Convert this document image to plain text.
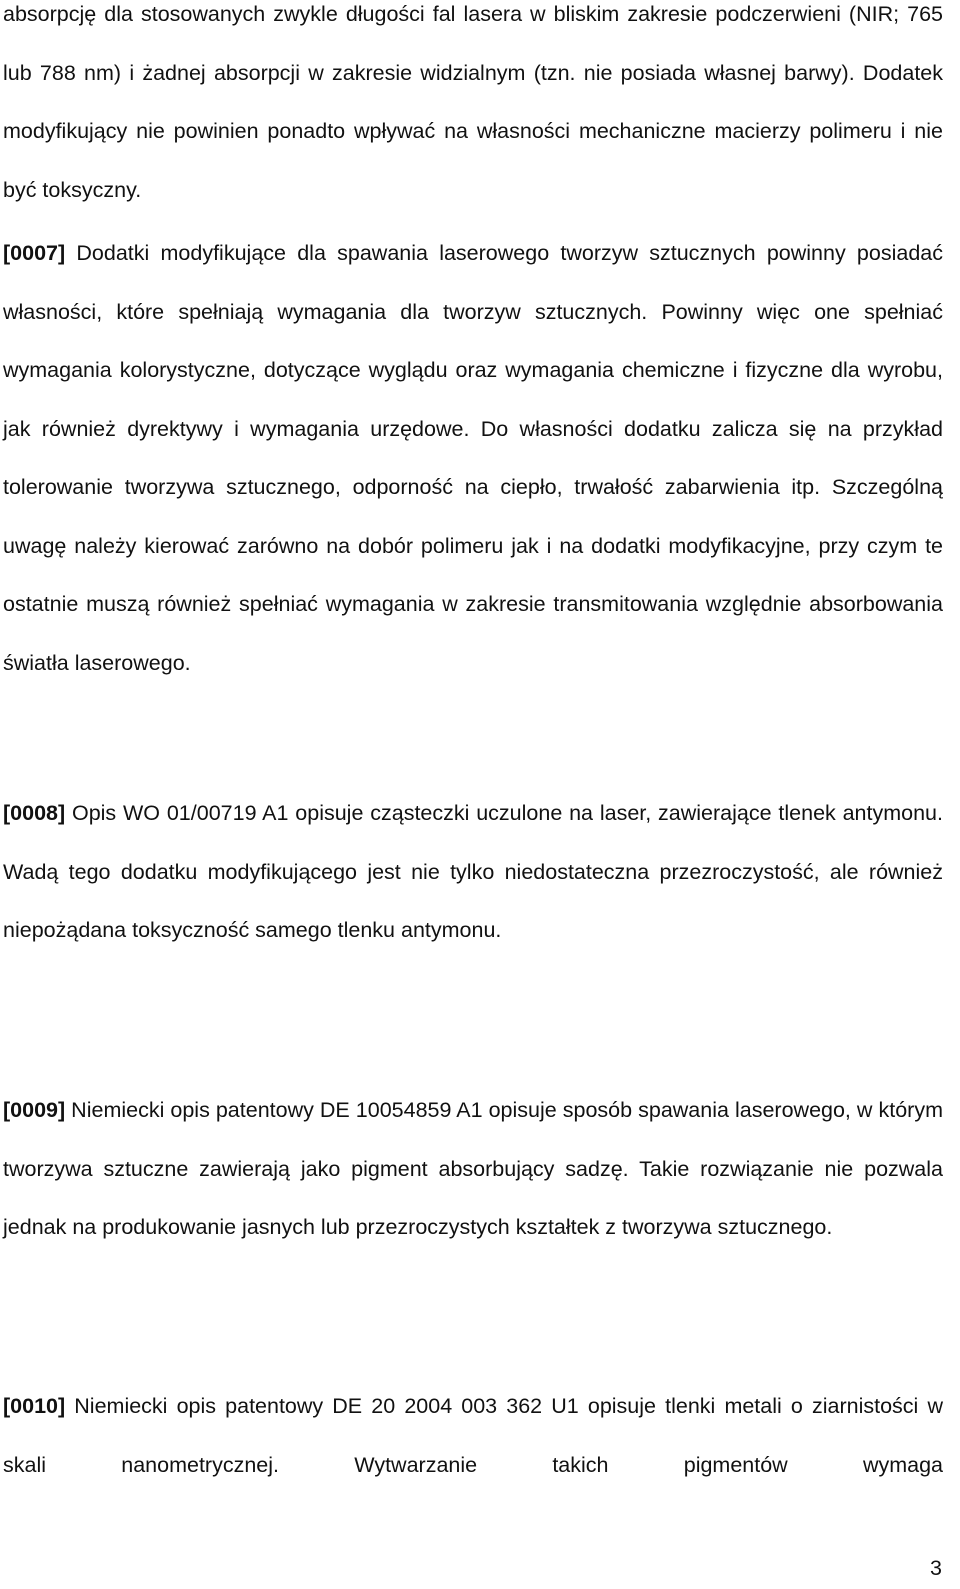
absorpcję dla stosowanych zwykle długości fal lasera w bliskim zakresie podczerwieni (NIR; 765 lub 788 nm) i żadnej absorpcji w zakresie widzialnym (tzn. nie posiada własnej barwy). Dodatek modyfikujący nie powinien ponadto wpływać na własności mechaniczne macierzy polimeru i nie być toksyczny.

[0007] Dodatki modyfikujące dla spawania laserowego tworzyw sztucznych powinny posiadać własności, które spełniają wymagania dla tworzyw sztucznych. Powinny więc one spełniać wymagania kolorystyczne, dotyczące wyglądu oraz wymagania chemiczne i fizyczne dla wyrobu, jak również dyrektywy i wymagania urzędowe. Do własności dodatku zalicza się na przykład tolerowanie tworzywa sztucznego, odporność na ciepło, trwałość zabarwienia itp. Szczególną uwagę należy kierować zarówno na dobór polimeru jak i na dodatki modyfikacyjne, przy czym te ostatnie muszą również spełniać wymagania w zakresie transmitowania względnie absorbowania światła laserowego.

[0008] Opis WO 01/00719 A1 opisuje cząsteczki uczulone na laser, zawierające tlenek antymonu. Wadą tego dodatku modyfikującego jest nie tylko niedostateczna przezroczystość, ale również niepożądana toksyczność samego tlenku antymonu.

[0009] Niemiecki opis patentowy DE 10054859 A1 opisuje sposób spawania laserowego, w którym tworzywa sztuczne zawierają jako pigment absorbujący sadzę. Takie rozwiązanie nie pozwala jednak na produkowanie jasnych lub przezroczystych kształtek z tworzywa sztucznego.

[0010] Niemiecki opis patentowy DE 20 2004 003 362 U1 opisuje tlenki metali o ziarnistości w skali nanometrycznej. Wytwarzanie takich pigmentów wymaga

3
